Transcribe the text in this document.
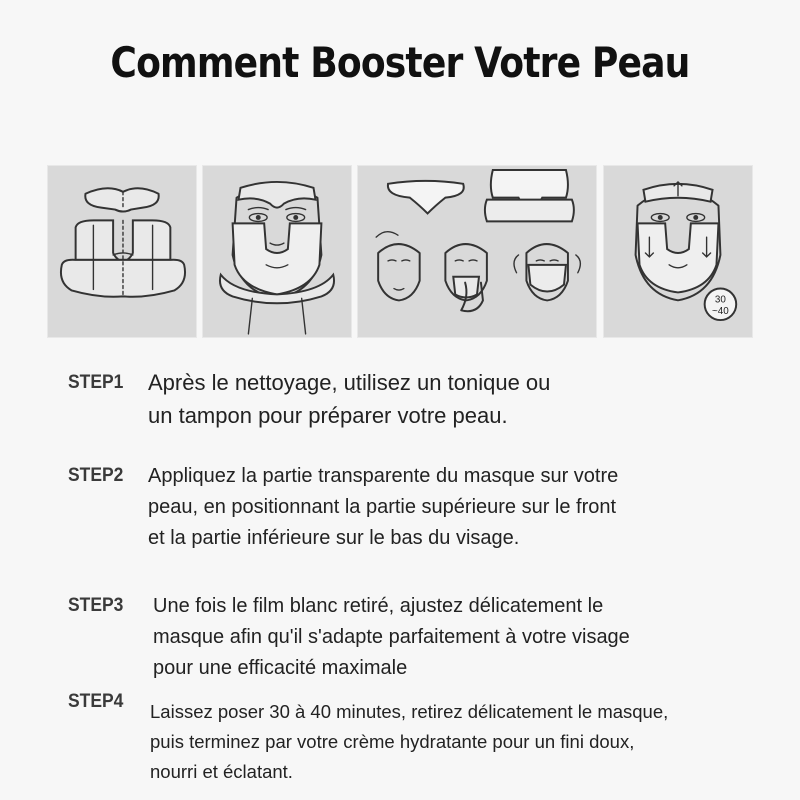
Comment Booster Votre Peau
30
~40
STEP1 Après le nettoyage, utilisez un tonique ou
un tampon pour préparer votre peau.
STEP2 Appliquez la partie transparente du masque sur votre
peau, en positionnant la partie supérieure sur le front
et la partie inférieure sur le bas du visage.
STEP3 Une fois le film blanc retiré, ajustez délicatement le
masque afin qu'il s'adapte parfaitement à votre visage
pour une efficacité maximale
STEP4 Laissez poser 30 à 40 minutes, retirez délicatement le masque,
puis terminez par votre crème hydratante pour un fini doux,
nourri et éclatant.
